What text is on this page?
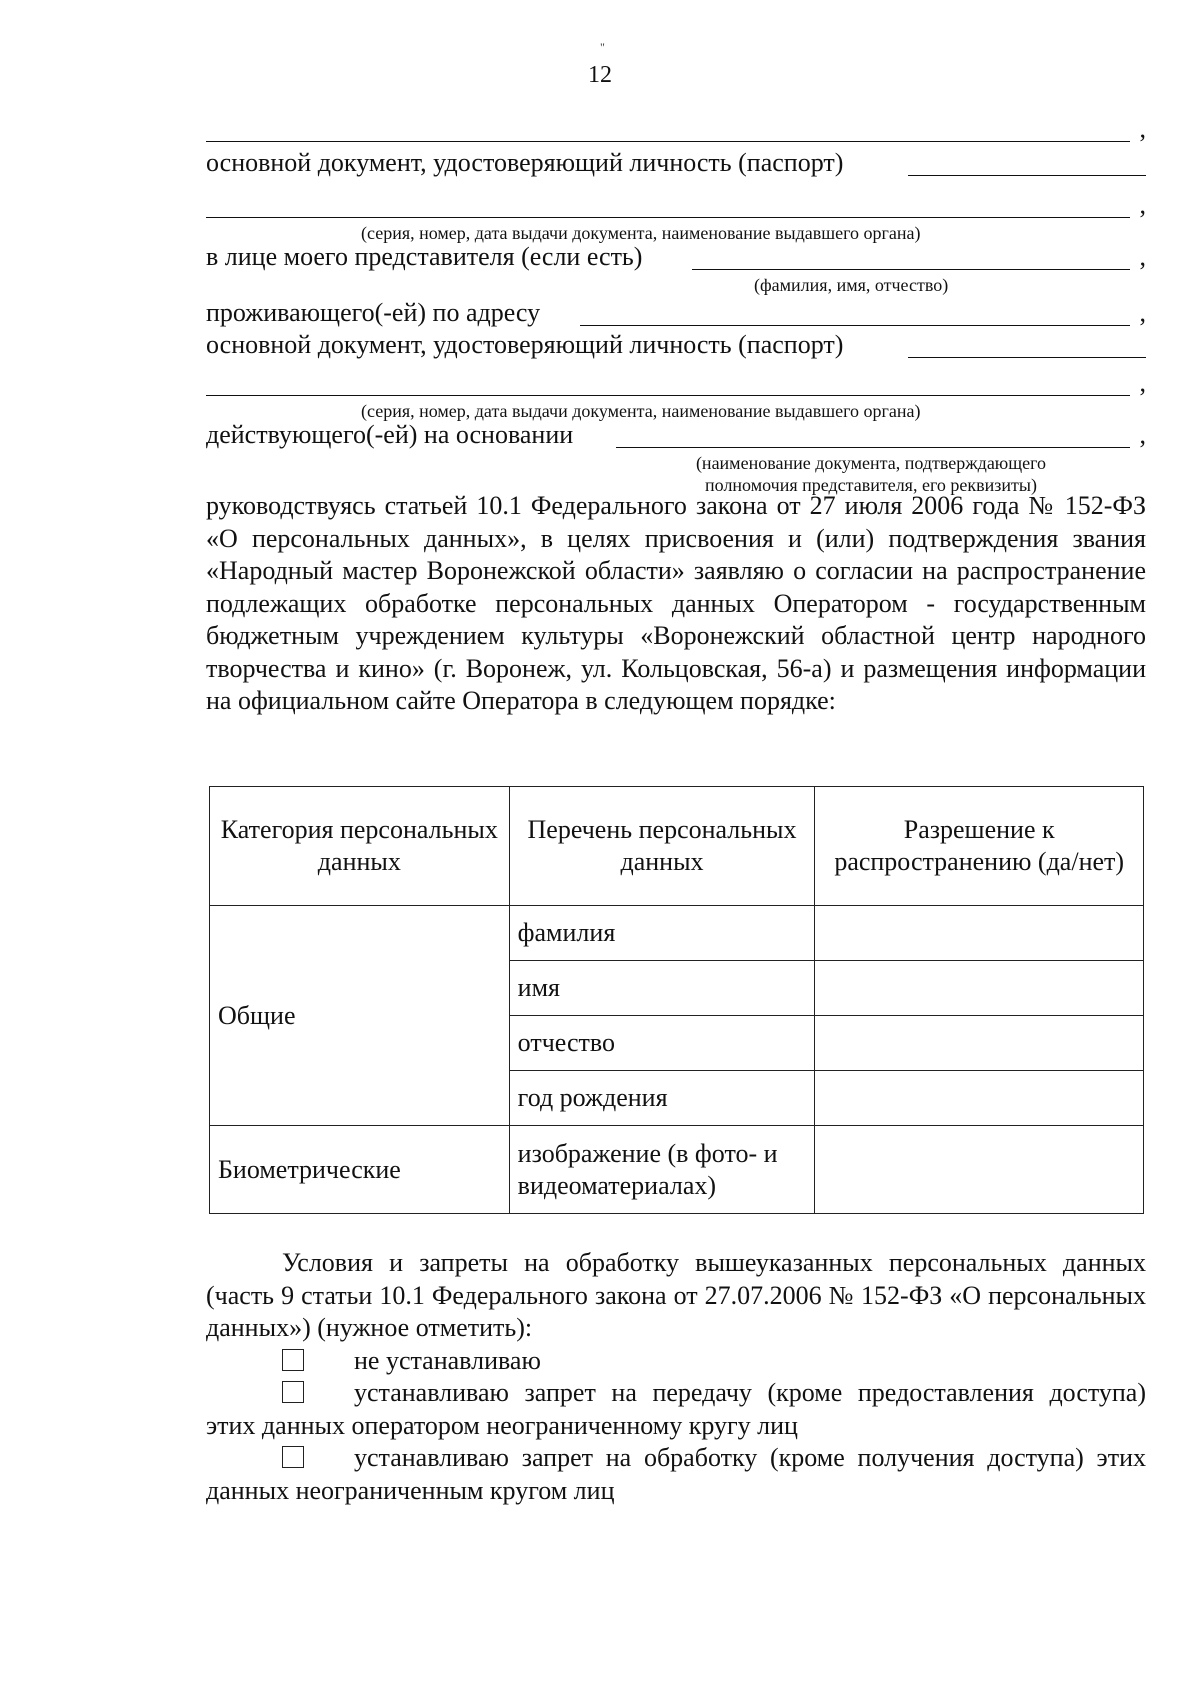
12
"
,
основной документ, удостоверяющий личность (паспорт)
,
(серия, номер, дата выдачи документа, наименование выдавшего органа)
в лице моего представителя (если есть)	,
(фамилия, имя, отчество)
проживающего(-ей) по адресу	,
основной документ, удостоверяющий личность (паспорт)
,
(серия, номер, дата выдачи документа, наименование выдавшего органа)
действующего(-ей) на основании	,
(наименование документа, подтверждающего
полномочия представителя, его реквизиты)
руководствуясь статьей 10.1 Федерального закона от 27 июля 2006 года № 152-ФЗ «О персональных данных», в целях присвоения и (или) подтверждения звания «Народный мастер Воронежской области» заявляю о согласии на распространение подлежащих обработке персональных данных Оператором - государственным бюджетным учреждением культуры «Воронежский областной центр народного творчества и кино» (г. Воронеж, ул. Кольцовская, 56-а) и размещения информации на официальном сайте Оператора в следующем порядке:
Категория персональных данных	Перечень персональных данных	Разрешение к распространению (да/нет)
Общие	фамилия	
	имя	
	отчество	
	год рождения	
Биометрические	изображение (в фото- и видеоматериалах)	

Условия и запреты на обработку вышеуказанных персональных данных (часть 9 статьи 10.1 Федерального закона от 27.07.2006 № 152-ФЗ «О персональных данных») (нужное отметить):

не устанавливаю

устанавливаю запрет на передачу (кроме предоставления доступа) этих данных оператором неограниченному кругу лиц

устанавливаю запрет на обработку (кроме получения доступа) этих данных неограниченным кругом лиц
